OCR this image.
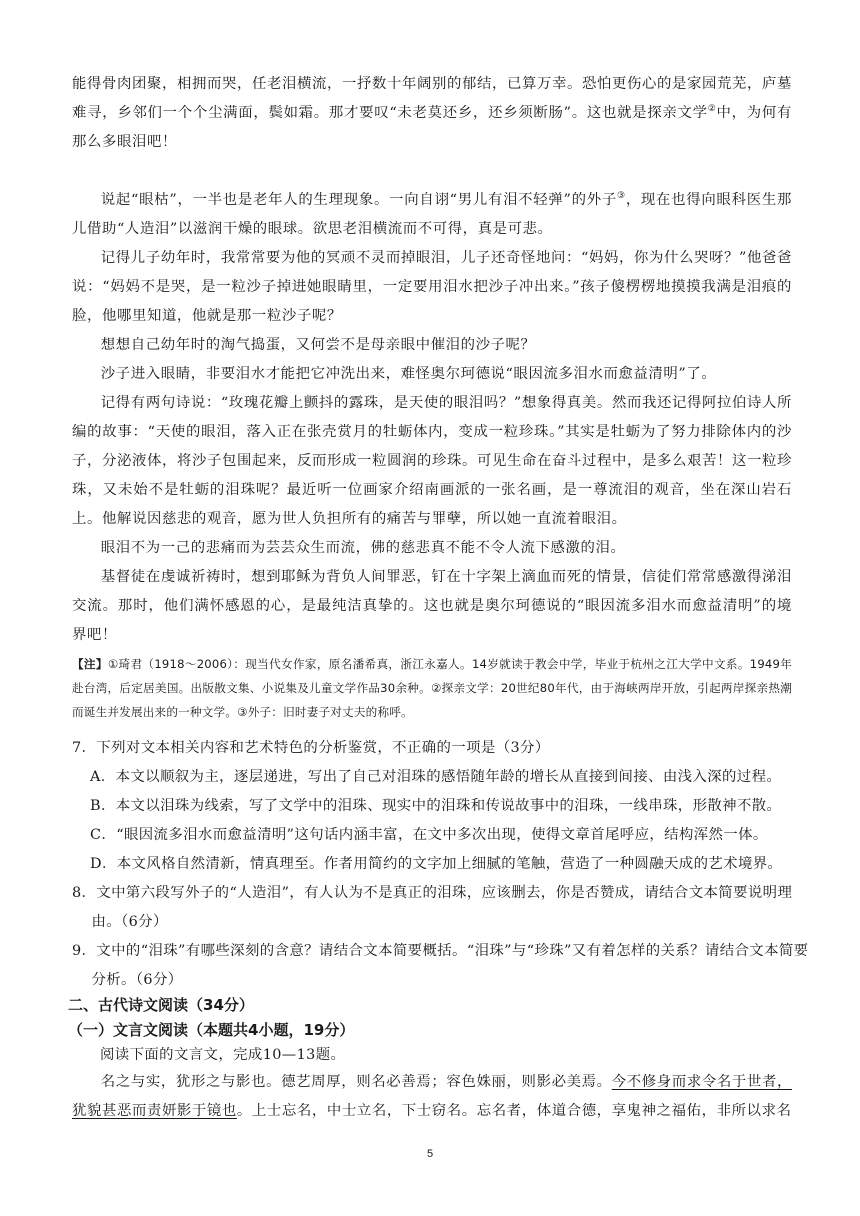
能得骨肉团聚，相拥而哭，任老泪横流，一抒数十年阔别的郁结，已算万幸。恐怕更伤心的是家园荒芜，庐墓难寻，乡邻们一个个尘满面，鬓如霜。那才要叹“未老莫还乡，还乡须断肠”。这也就是探亲文学②中，为何有那么多眼泪吧！

说起“眼枯”，一半也是老年人的生理现象。一向自诩“男儿有泪不轻弹”的外子③，现在也得向眼科医生那儿借助“人造泪”以滋润干燥的眼球。欲思老泪横流而不可得，真是可悲。

记得儿子幼年时，我常常要为他的冥顽不灵而掉眼泪，儿子还奇怪地问：“妈妈，你为什么哭呀？”他爸爸说：“妈妈不是哭，是一粒沙子掉进她眼睛里，一定要用泪水把沙子冲出来。”孩子傻楞楞地摸摸我满是泪痕的脸，他哪里知道，他就是那一粒沙子呢？

想想自己幼年时的淘气捣蛋，又何尝不是母亲眼中催泪的沙子呢？

沙子进入眼睛，非要泪水才能把它冲洗出来，难怪奥尔珂德说“眼因流多泪水而愈益清明”了。

记得有两句诗说：“玫瑰花瓣上颤抖的露珠，是天使的眼泪吗？”想象得真美。然而我还记得阿拉伯诗人所编的故事：“天使的眼泪，落入正在张壳赏月的牡蛎体内，变成一粒珍珠。”其实是牡蛎为了努力排除体内的沙子，分泌液体，将沙子包围起来，反而形成一粒圆润的珍珠。可见生命在奋斗过程中，是多么艰苦！这一粒珍珠，又未始不是牡蛎的泪珠呢？最近听一位画家介绍南画派的一张名画，是一尊流泪的观音，坐在深山岩石上。他解说因慈悲的观音，愿为世人负担所有的痛苦与罪孽，所以她一直流着眼泪。

眼泪不为一己的悲痛而为芸芸众生而流，佛的慈悲真不能不令人流下感激的泪。

基督徒在虔诚祈祷时，想到耶稣为背负人间罪恶，钉在十字架上滴血而死的情景，信徒们常常感激得涕泪交流。那时，他们满怀感恩的心，是最纯洁真挚的。这也就是奥尔珂德说的“眼因流多泪水而愈益清明”的境界吧！

【注】①琦君（1918～2006）：现当代女作家，原名潘希真，浙江永嘉人。14岁就读于教会中学，毕业于杭州之江大学中文系。1949年赴台湾，后定居美国。出版散文集、小说集及儿童文学作品30余种。②探亲文学：20世纪80年代，由于海峡两岸开放，引起两岸探亲热潮而诞生并发展出来的一种文学。③外子：旧时妻子对丈夫的称呼。

7．下列对文本相关内容和艺术特色的分析鉴赏，不正确的一项是（3分）

A．本文以顺叙为主，逐层递进，写出了自己对泪珠的感悟随年龄的增长从直接到间接、由浅入深的过程。

B．本文以泪珠为线索，写了文学中的泪珠、现实中的泪珠和传说故事中的泪珠，一线串珠，形散神不散。

C．“眼因流多泪水而愈益清明”这句话内涵丰富，在文中多次出现，使得文章首尾呼应，结构浑然一体。

D．本文风格自然清新，情真理至。作者用简约的文字加上细腻的笔触，营造了一种圆融天成的艺术境界。

8．文中第六段写外子的“人造泪”，有人认为不是真正的泪珠，应该删去，你是否赞成，请结合文本简要说明理由。（6分）

9．文中的“泪珠”有哪些深刻的含意？请结合文本简要概括。“泪珠”与“珍珠”又有着怎样的关系？请结合文本简要分析。（6分）

二、古代诗文阅读（34分）

（一）文言文阅读（本题共4小题，19分）

阅读下面的文言文，完成10—13题。

名之与实，犹形之与影也。德艺周厚，则名必善焉；容色姝丽，则影必美焉。今不修身而求令名于世者，犹貌甚恶而责妍影于镜也。上士忘名，中士立名，下士窃名。忘名者，体道合德，享鬼神之福佑，非所以求名

5
